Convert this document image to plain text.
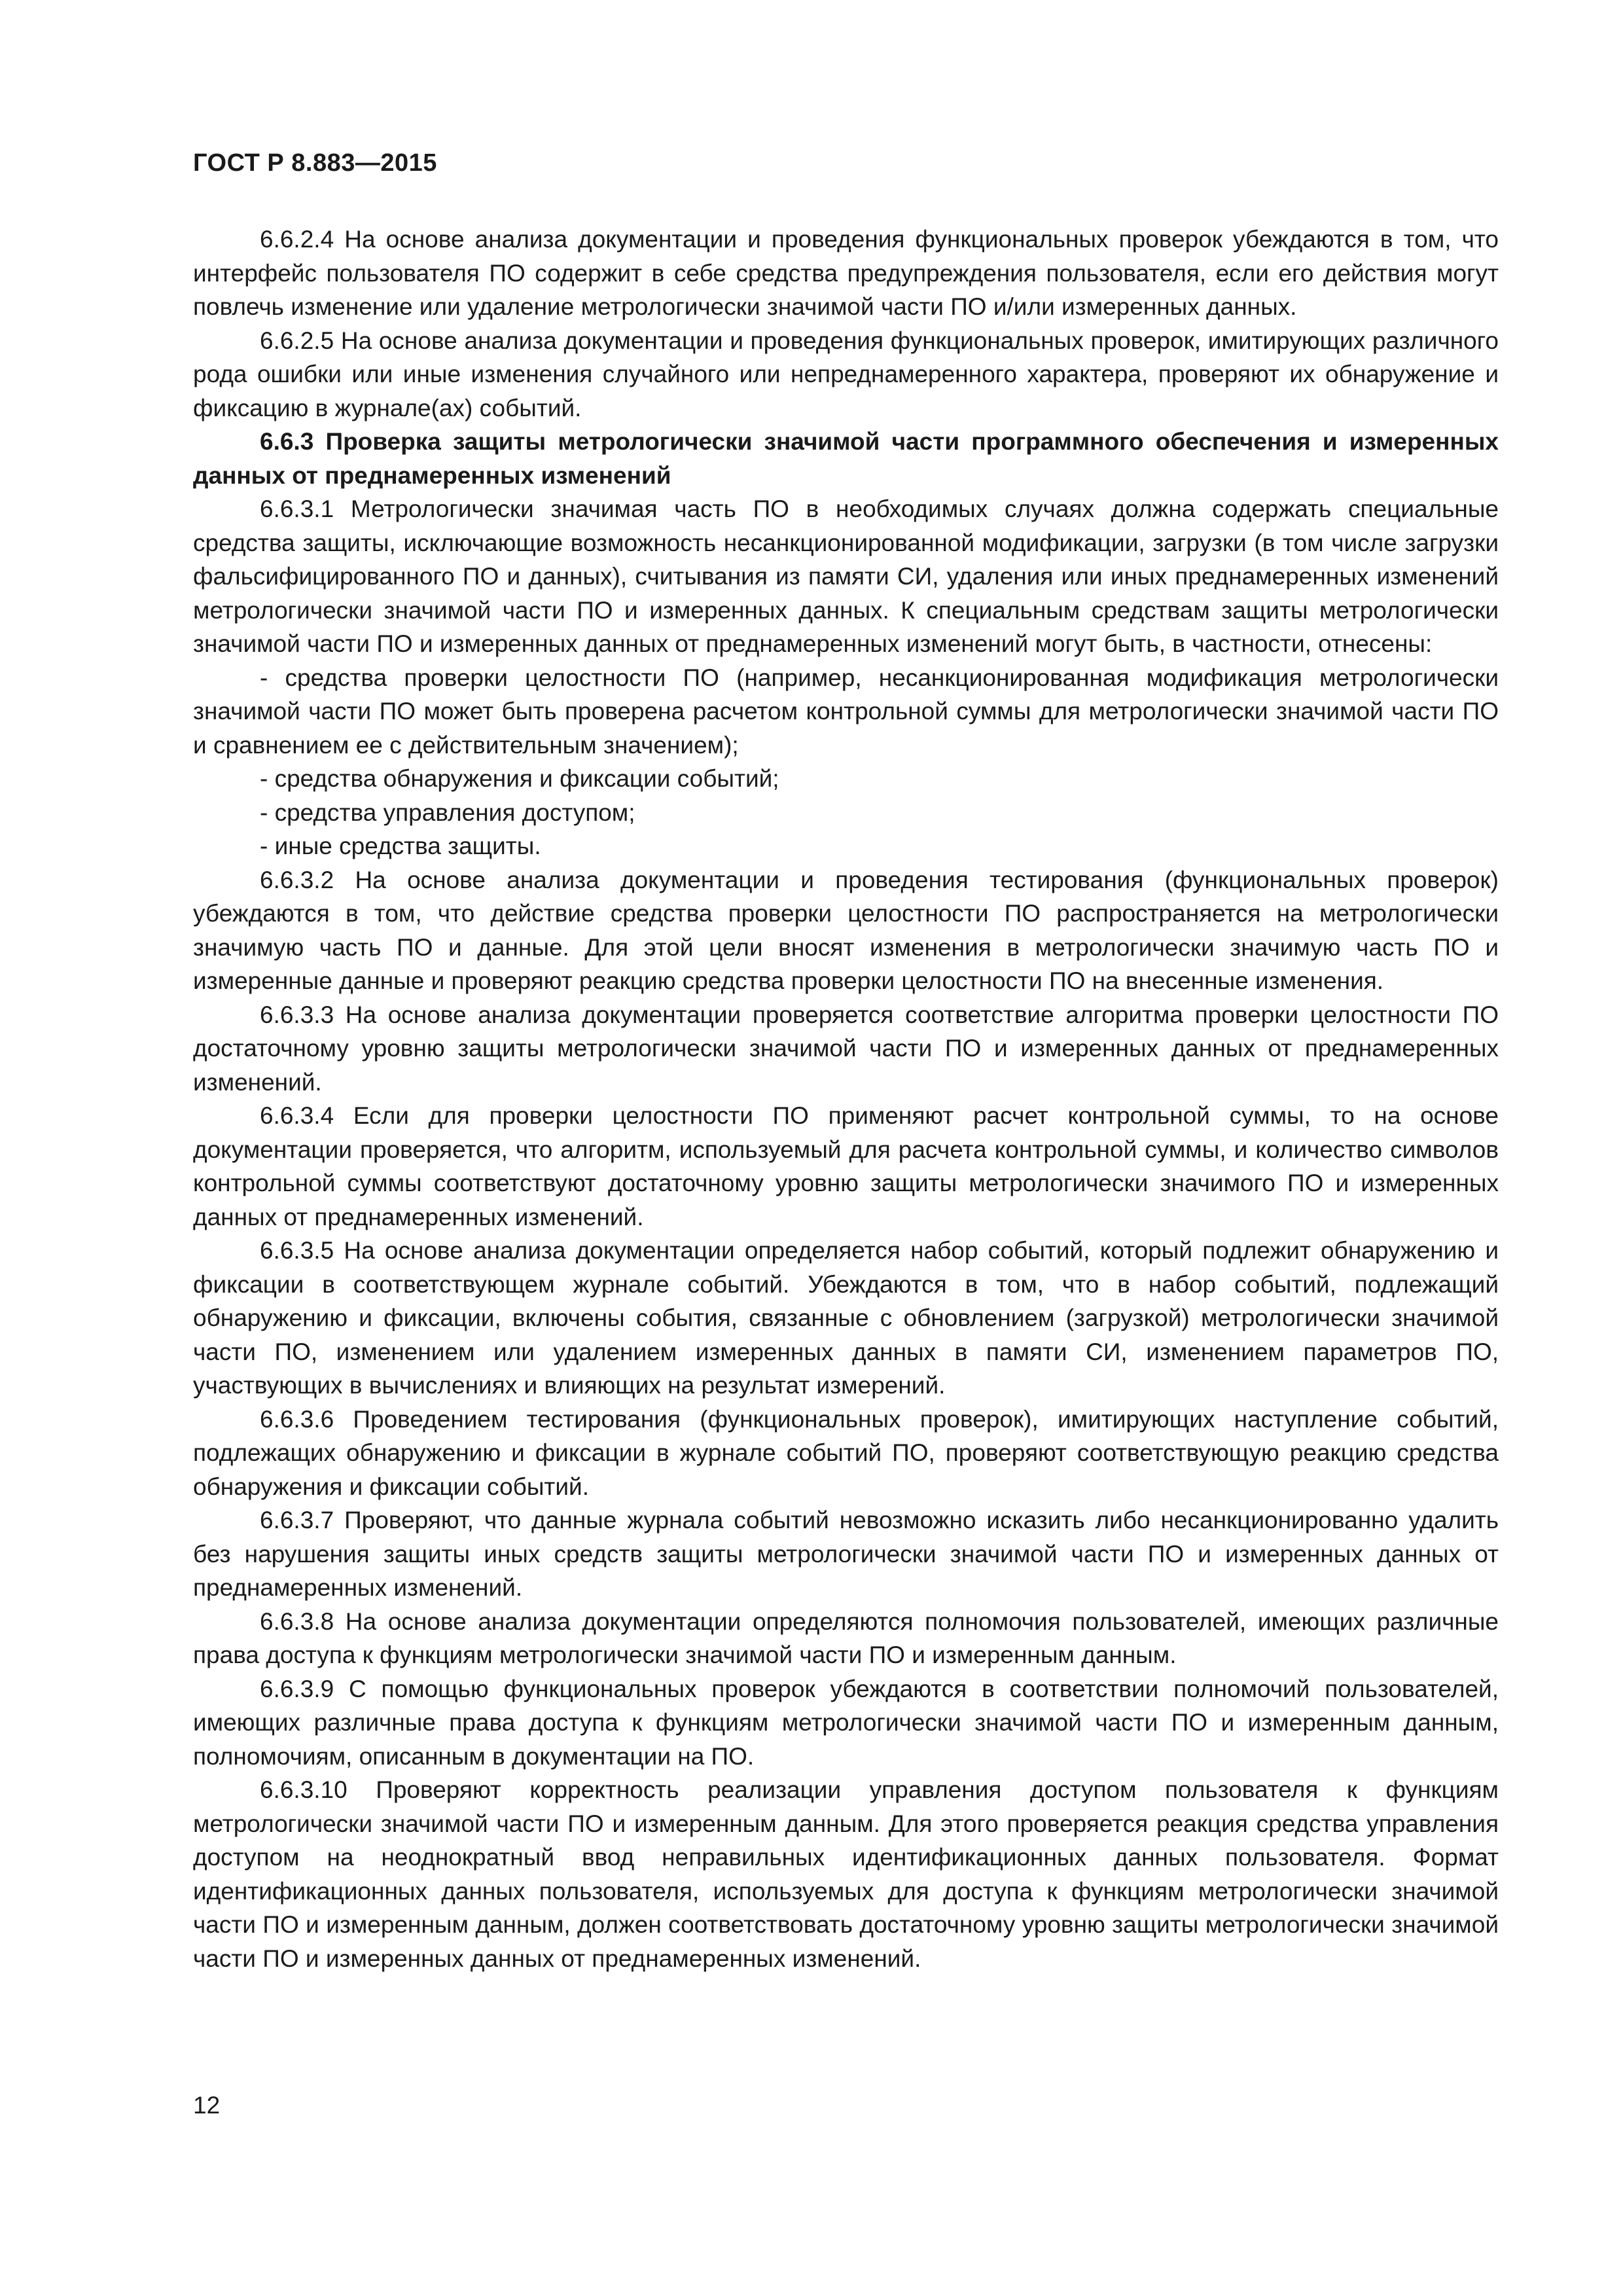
ГОСТ Р 8.883—2015

6.6.2.4 На основе анализа документации и проведения функциональных проверок убеждаются в том, что интерфейс пользователя ПО содержит в себе средства предупреждения пользователя, если его действия могут повлечь изменение или удаление метрологически значимой части ПО и/или измеренных данных.

6.6.2.5 На основе анализа документации и проведения функциональных проверок, имитирующих различного рода ошибки или иные изменения случайного или непреднамеренного характера, проверяют их обнаружение и фиксацию в журнале(ах) событий.

6.6.3 Проверка защиты метрологически значимой части программного обеспечения и измеренных данных от преднамеренных изменений

6.6.3.1 Метрологически значимая часть ПО в необходимых случаях должна содержать специальные средства защиты, исключающие возможность несанкционированной модификации, загрузки (в том числе загрузки фальсифицированного ПО и данных), считывания из памяти СИ, удаления или иных преднамеренных изменений метрологически значимой части ПО и измеренных данных. К специальным средствам защиты метрологически значимой части ПО и измеренных данных от преднамеренных изменений могут быть, в частности, отнесены:

- средства проверки целостности ПО (например, несанкционированная модификация метрологически значимой части ПО может быть проверена расчетом контрольной суммы для метрологически значимой части ПО и сравнением ее с действительным значением);

- средства обнаружения и фиксации событий;

- средства управления доступом;

- иные средства защиты.

6.6.3.2 На основе анализа документации и проведения тестирования (функциональных проверок) убеждаются в том, что действие средства проверки целостности ПО распространяется на метрологически значимую часть ПО и данные. Для этой цели вносят изменения в метрологически значимую часть ПО и измеренные данные и проверяют реакцию средства проверки целостности ПО на внесенные изменения.

6.6.3.3 На основе анализа документации проверяется соответствие алгоритма проверки целостности ПО достаточному уровню защиты метрологически значимой части ПО и измеренных данных от преднамеренных изменений.

6.6.3.4 Если для проверки целостности ПО применяют расчет контрольной суммы, то на основе документации проверяется, что алгоритм, используемый для расчета контрольной суммы, и количество символов контрольной суммы соответствуют достаточному уровню защиты метрологически значимого ПО и измеренных данных от преднамеренных изменений.

6.6.3.5 На основе анализа документации определяется набор событий, который подлежит обнаружению и фиксации в соответствующем журнале событий. Убеждаются в том, что в набор событий, подлежащий обнаружению и фиксации, включены события, связанные с обновлением (загрузкой) метрологически значимой части ПО, изменением или удалением измеренных данных в памяти СИ, изменением параметров ПО, участвующих в вычислениях и влияющих на результат измерений.

6.6.3.6 Проведением тестирования (функциональных проверок), имитирующих наступление событий, подлежащих обнаружению и фиксации в журнале событий ПО, проверяют соответствующую реакцию средства обнаружения и фиксации событий.

6.6.3.7 Проверяют, что данные журнала событий невозможно исказить либо несанкционированно удалить без нарушения защиты иных средств защиты метрологически значимой части ПО и измеренных данных от преднамеренных изменений.

6.6.3.8 На основе анализа документации определяются полномочия пользователей, имеющих различные права доступа к функциям метрологически значимой части ПО и измеренным данным.

6.6.3.9 С помощью функциональных проверок убеждаются в соответствии полномочий пользователей, имеющих различные права доступа к функциям метрологически значимой части ПО и измеренным данным, полномочиям, описанным в документации на ПО.

6.6.3.10 Проверяют корректность реализации управления доступом пользователя к функциям метрологически значимой части ПО и измеренным данным. Для этого проверяется реакция средства управления доступом на неоднократный ввод неправильных идентификационных данных пользователя. Формат идентификационных данных пользователя, используемых для доступа к функциям метрологически значимой части ПО и измеренным данным, должен соответствовать достаточному уровню защиты метрологически значимой части ПО и измеренных данных от преднамеренных изменений.

12
